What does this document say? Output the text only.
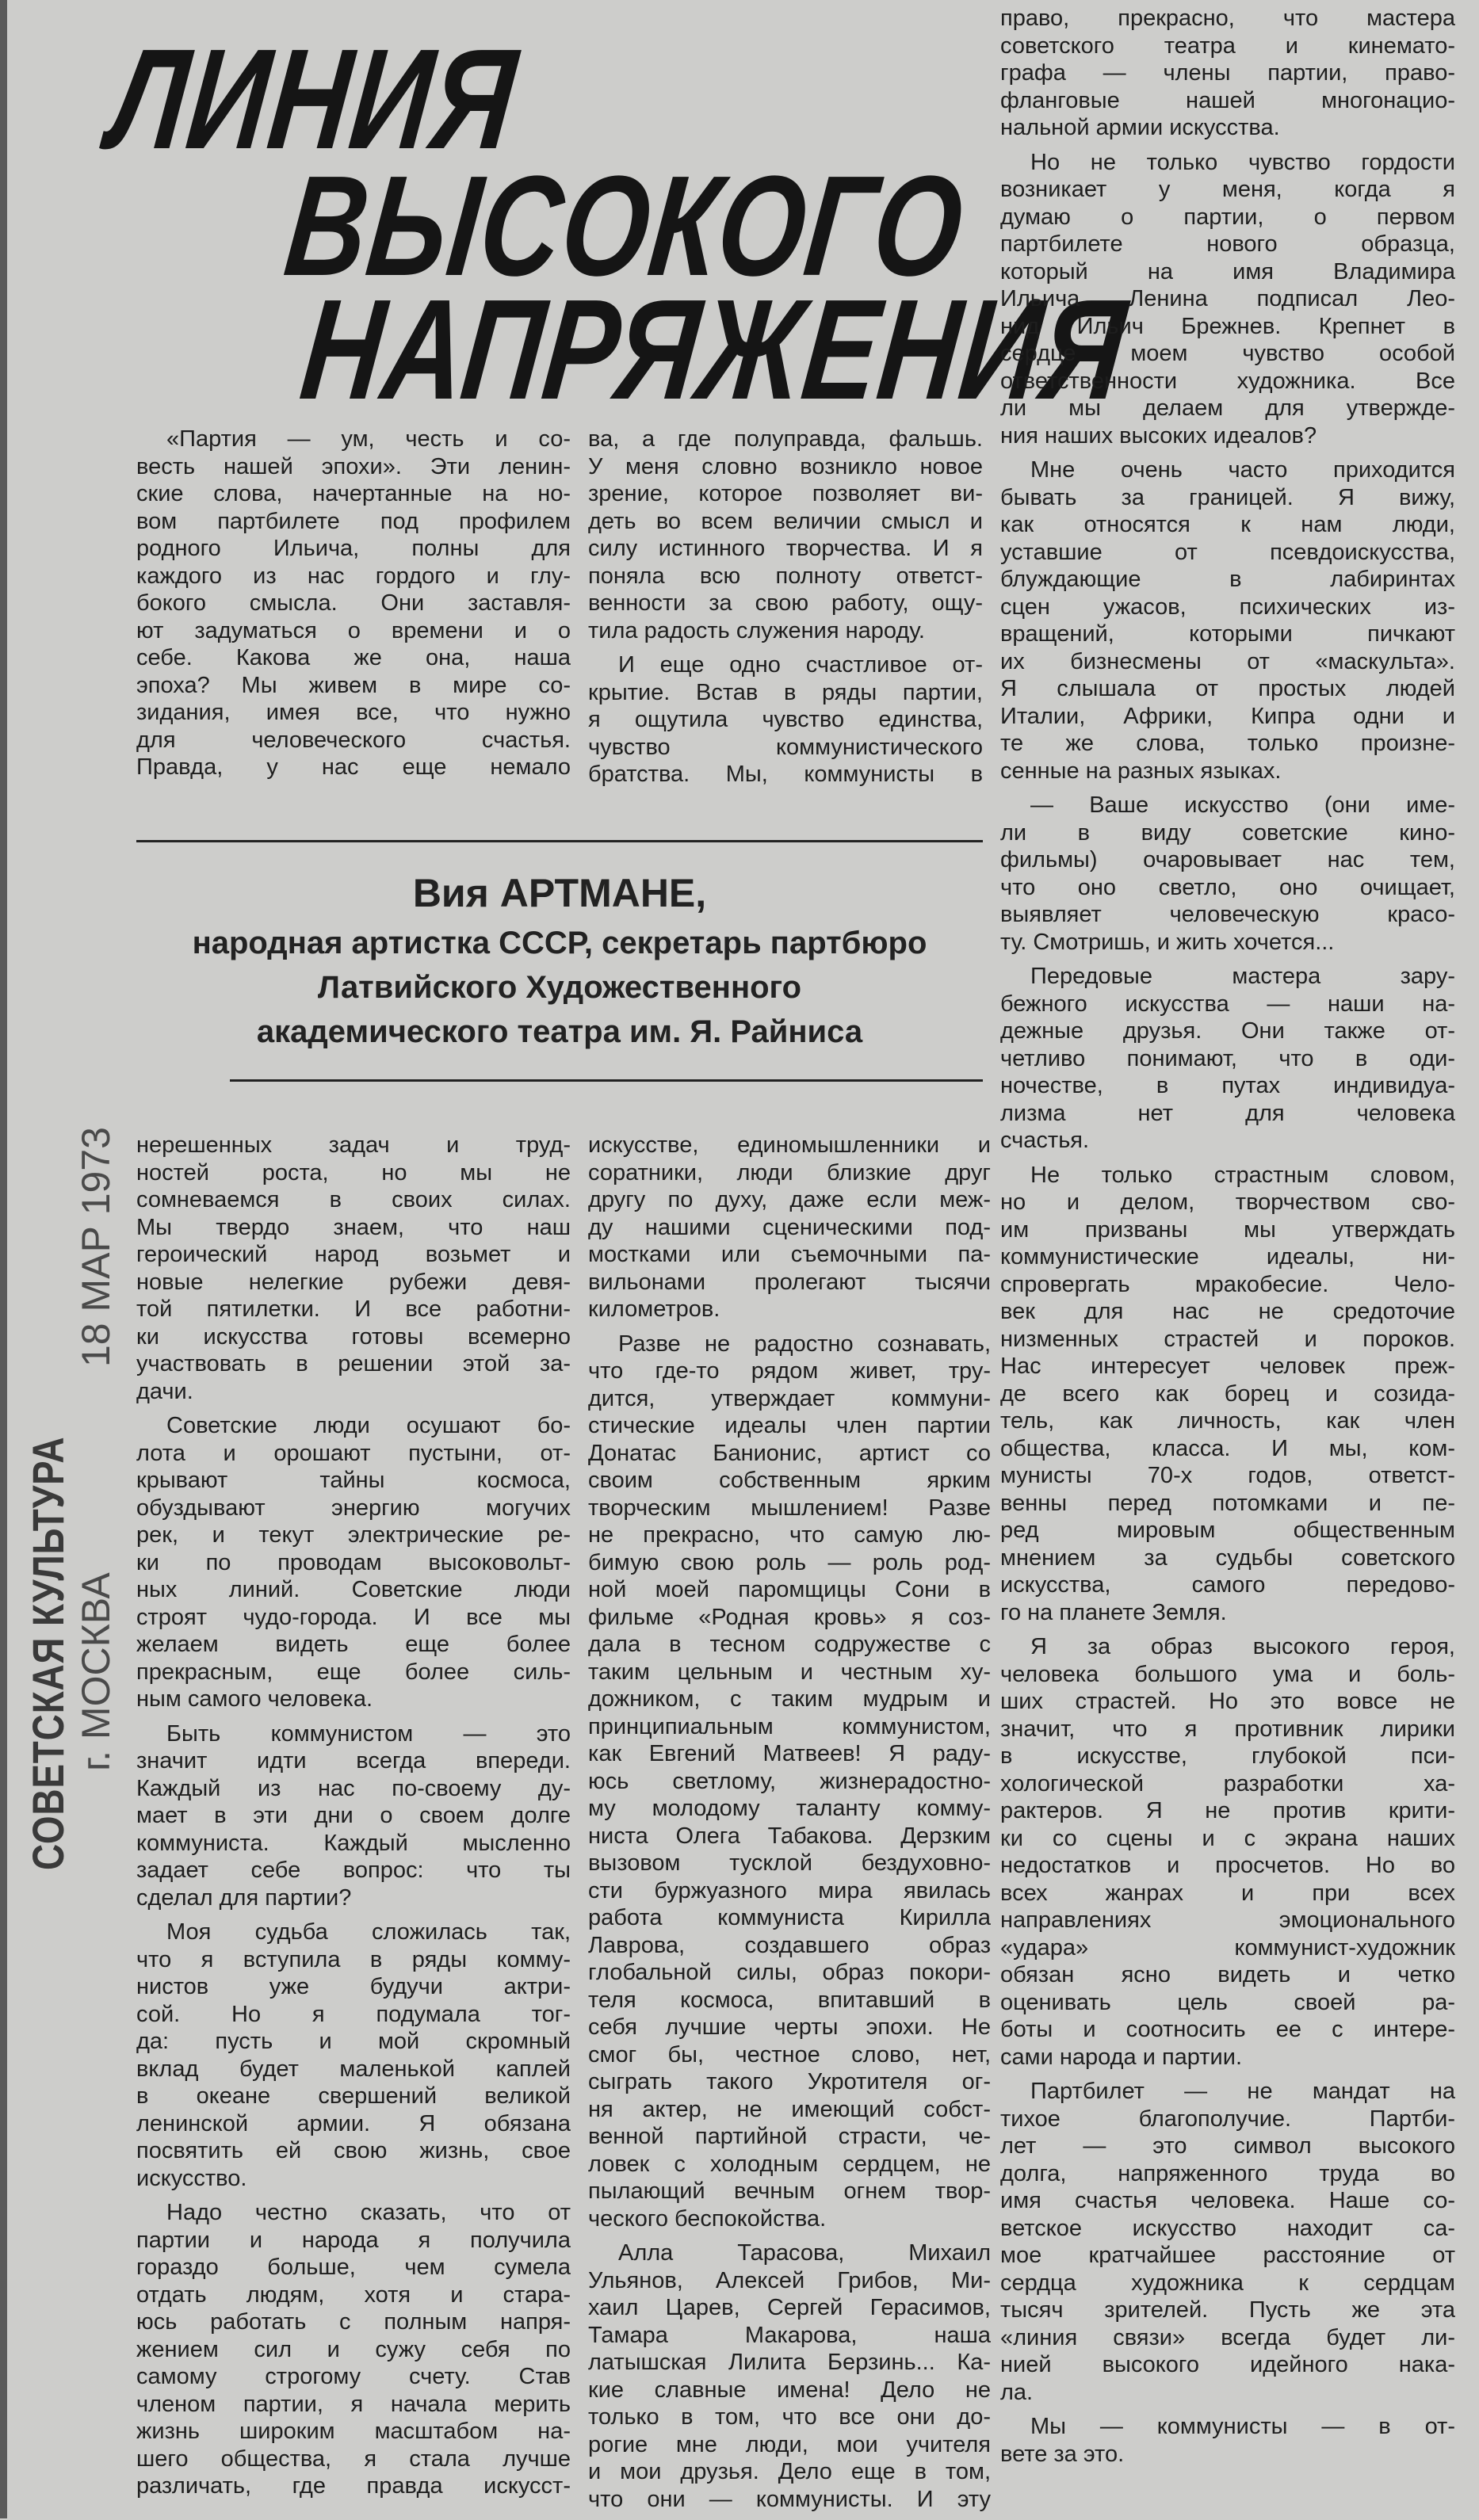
ЛИНИЯ
ВЫСОКОГО
НАПРЯЖЕНИЯ
«Партия — ум, честь и со-
весть нашей эпохи». Эти ленин-
ские слова, начертанные на но-
вом партбилете под профилем
родного Ильича, полны для
каждого из нас гордого и глу-
бокого смысла. Они заставля-
ют задуматься о времени и о
себе. Какова же она, наша
эпоха? Мы живем в мире со-
зидания, имея все, что нужно
для человеческого счастья.
Правда, у нас еще немало
ва, а где полуправда, фальшь.
У меня словно возникло новое
зрение, которое позволяет ви-
деть во всем величии смысл и
силу истинного творчества. И я
поняла всю полноту ответст-
венности за свою работу, ощу-
тила радость служения народу.
И еще одно счастливое от-
крытие. Встав в ряды партии,
я ощутила чувство единства,
чувство коммунистического
братства. Мы, коммунисты в
Вия АРТМАНЕ,
народная артистка СССР, секретарь партбюро
Латвийского Художественного
академического театра им. Я. Райниса
нерешенных задач и труд-
ностей роста, но мы не
сомневаемся в своих силах.
Мы твердо знаем, что наш
героический народ возьмет и
новые нелегкие рубежи девя-
той пятилетки. И все работни-
ки искусства готовы всемерно
участвовать в решении этой за-
дачи.
Советские люди осушают бо-
лота и орошают пустыни, от-
крывают тайны космоса,
обуздывают энергию могучих
рек, и текут электрические ре-
ки по проводам высоковольт-
ных линий. Советские люди
строят чудо-города. И все мы
желаем видеть еще более
прекрасным, еще более силь-
ным самого человека.
Быть коммунистом — это
значит идти всегда впереди.
Каждый из нас по-своему ду-
мает в эти дни о своем долге
коммуниста. Каждый мысленно
задает себе вопрос: что ты
сделал для партии?
Моя судьба сложилась так,
что я вступила в ряды комму-
нистов уже будучи актри-
сой. Но я подумала тог-
да: пусть и мой скромный
вклад будет маленькой каплей
в океане свершений великой
ленинской армии. Я обязана
посвятить ей свою жизнь, свое
искусство.
Надо честно сказать, что от
партии и народа я получила
гораздо больше, чем сумела
отдать людям, хотя и стара-
юсь работать с полным напря-
жением сил и сужу себя по
самому строгому счету. Став
членом партии, я начала мерить
жизнь широким масштабом на-
шего общества, я стала лучше
различать, где правда искусст-
искусстве, единомышленники и
соратники, люди близкие друг
другу по духу, даже если меж-
ду нашими сценическими под-
мостками или съемочными па-
вильонами пролегают тысячи
километров.
Разве не радостно сознавать,
что где-то рядом живет, тру-
дится, утверждает коммуни-
стические идеалы член партии
Донатас Банионис, артист со
своим собственным ярким
творческим мышлением! Разве
не прекрасно, что самую лю-
бимую свою роль — роль род-
ной моей паромщицы Сони в
фильме «Родная кровь» я соз-
дала в тесном содружестве с
таким цельным и честным ху-
дожником, с таким мудрым и
принципиальным коммунистом,
как Евгений Матвеев! Я раду-
юсь светлому, жизнерадостно-
му молодому таланту комму-
ниста Олега Табакова. Дерзким
вызовом тусклой бездуховно-
сти буржуазного мира явилась
работа коммуниста Кирилла
Лаврова, создавшего образ
глобальной силы, образ покори-
теля космоса, впитавший в
себя лучшие черты эпохи. Не
смог бы, честное слово, нет,
сыграть такого Укротителя ог-
ня актер, не имеющий собст-
венной партийной страсти, че-
ловек с холодным сердцем, не
пылающий вечным огнем твор-
ческого беспокойства.
Алла Тарасова, Михаил
Ульянов, Алексей Грибов, Ми-
хаил Царев, Сергей Герасимов,
Тамара Макарова, наша
латышская Лилита Берзинь... Ка-
кие славные имена! Дело не
только в том, что все они до-
рогие мне люди, мои учителя
и мои друзья. Дело еще в том,
что они — коммунисты. И эту
право, прекрасно, что мастера
советского театра и кинемато-
графа — члены партии, право-
фланговые нашей многонацио-
нальной армии искусства.
Но не только чувство гордости
возникает у меня, когда я
думаю о партии, о первом
партбилете нового образца,
который на имя Владимира
Ильича Ленина подписал Лео-
нид Ильич Брежнев. Крепнет в
сердце моем чувство особой
ответственности художника. Все
ли мы делаем для утвержде-
ния наших высоких идеалов?
Мне очень часто приходится
бывать за границей. Я вижу,
как относятся к нам люди,
уставшие от псевдоискусства,
блуждающие в лабиринтах
сцен ужасов, психических из-
вращений, которыми пичкают
их бизнесмены от «маскульта».
Я слышала от простых людей
Италии, Африки, Кипра одни и
те же слова, только произне-
сенные на разных языках.
— Ваше искусство (они име-
ли в виду советские кино-
фильмы) очаровывает нас тем,
что оно светло, оно очищает,
выявляет человеческую красо-
ту. Смотришь, и жить хочется...
Передовые мастера зару-
бежного искусства — наши на-
дежные друзья. Они также от-
четливо понимают, что в оди-
ночестве, в путах индивидуа-
лизма нет для человека
счастья.
Не только страстным словом,
но и делом, творчеством сво-
им призваны мы утверждать
коммунистические идеалы, ни-
спровергать мракобесие. Чело-
век для нас не средоточие
низменных страстей и пороков.
Нас интересует человек преж-
де всего как борец и созида-
тель, как личность, как член
общества, класса. И мы, ком-
мунисты 70-х годов, ответст-
венны перед потомками и пе-
ред мировым общественным
мнением за судьбы советского
искусства, самого передово-
го на планете Земля.
Я за образ высокого героя,
человека большого ума и боль-
ших страстей. Но это вовсе не
значит, что я противник лирики
в искусстве, глубокой пси-
хологической разработки ха-
рактеров. Я не против крити-
ки со сцены и с экрана наших
недостатков и просчетов. Но во
всех жанрах и при всех
направлениях эмоционального
«удара» коммунист-художник
обязан ясно видеть и четко
оценивать цель своей ра-
боты и соотносить ее с интере-
сами народа и партии.
Партбилет — не мандат на
тихое благополучие. Партби-
лет — это символ высокого
долга, напряженного труда во
имя счастья человека. Наше со-
ветское искусство находит са-
мое кратчайшее расстояние от
сердца художника к сердцам
тысяч зрителей. Пусть же эта
«линия связи» всегда будет ли-
нией высокого идейного нака-
ла.
Мы — коммунисты — в от-
вете за это.
СОВЕТСКАЯ КУЛЬТУРА г. МОСКВА
18 МАР 1973
